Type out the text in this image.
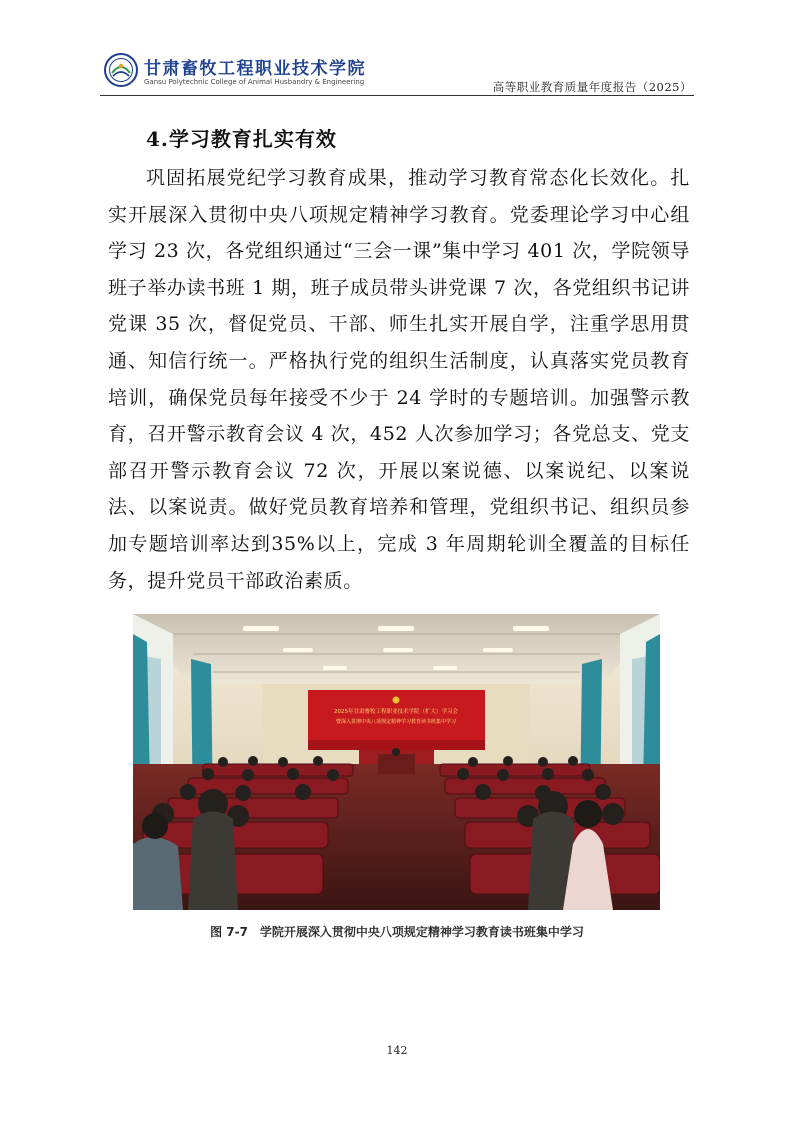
甘肃畜牧工程职业技术学院
Gansu Polytechnic College of Animal Husbandry & Engineering	高等职业教育质量年度报告（2025）
4.学习教育扎实有效

巩固拓展党纪学习教育成果，推动学习教育常态化长效化。扎实开展深入贯彻中央八项规定精神学习教育。党委理论学习中心组学习 23 次，各党组织通过“三会一课”集中学习 401 次，学院领导班子举办读书班 1 期，班子成员带头讲党课 7 次，各党组织书记讲党课 35 次，督促党员、干部、师生扎实开展自学，注重学思用贯通、知信行统一。严格执行党的组织生活制度，认真落实党员教育培训，确保党员每年接受不少于 24 学时的专题培训。加强警示教育，召开警示教育会议 4 次，452 人次参加学习；各党总支、党支部召开警示教育会议 72 次，开展以案说德、以案说纪、以案说法、以案说责。做好党员教育培养和管理，党组织书记、组织员参加专题培训率达到35%以上，完成 3 年周期轮训全覆盖的目标任务，提升党员干部政治素质。

2025年甘肃畜牧工程职业技术学院（扩大）学习会
暨深入贯彻中央八项规定精神学习教育读书班集中学习
图 7-7 学院开展深入贯彻中央八项规定精神学习教育读书班集中学习
142
